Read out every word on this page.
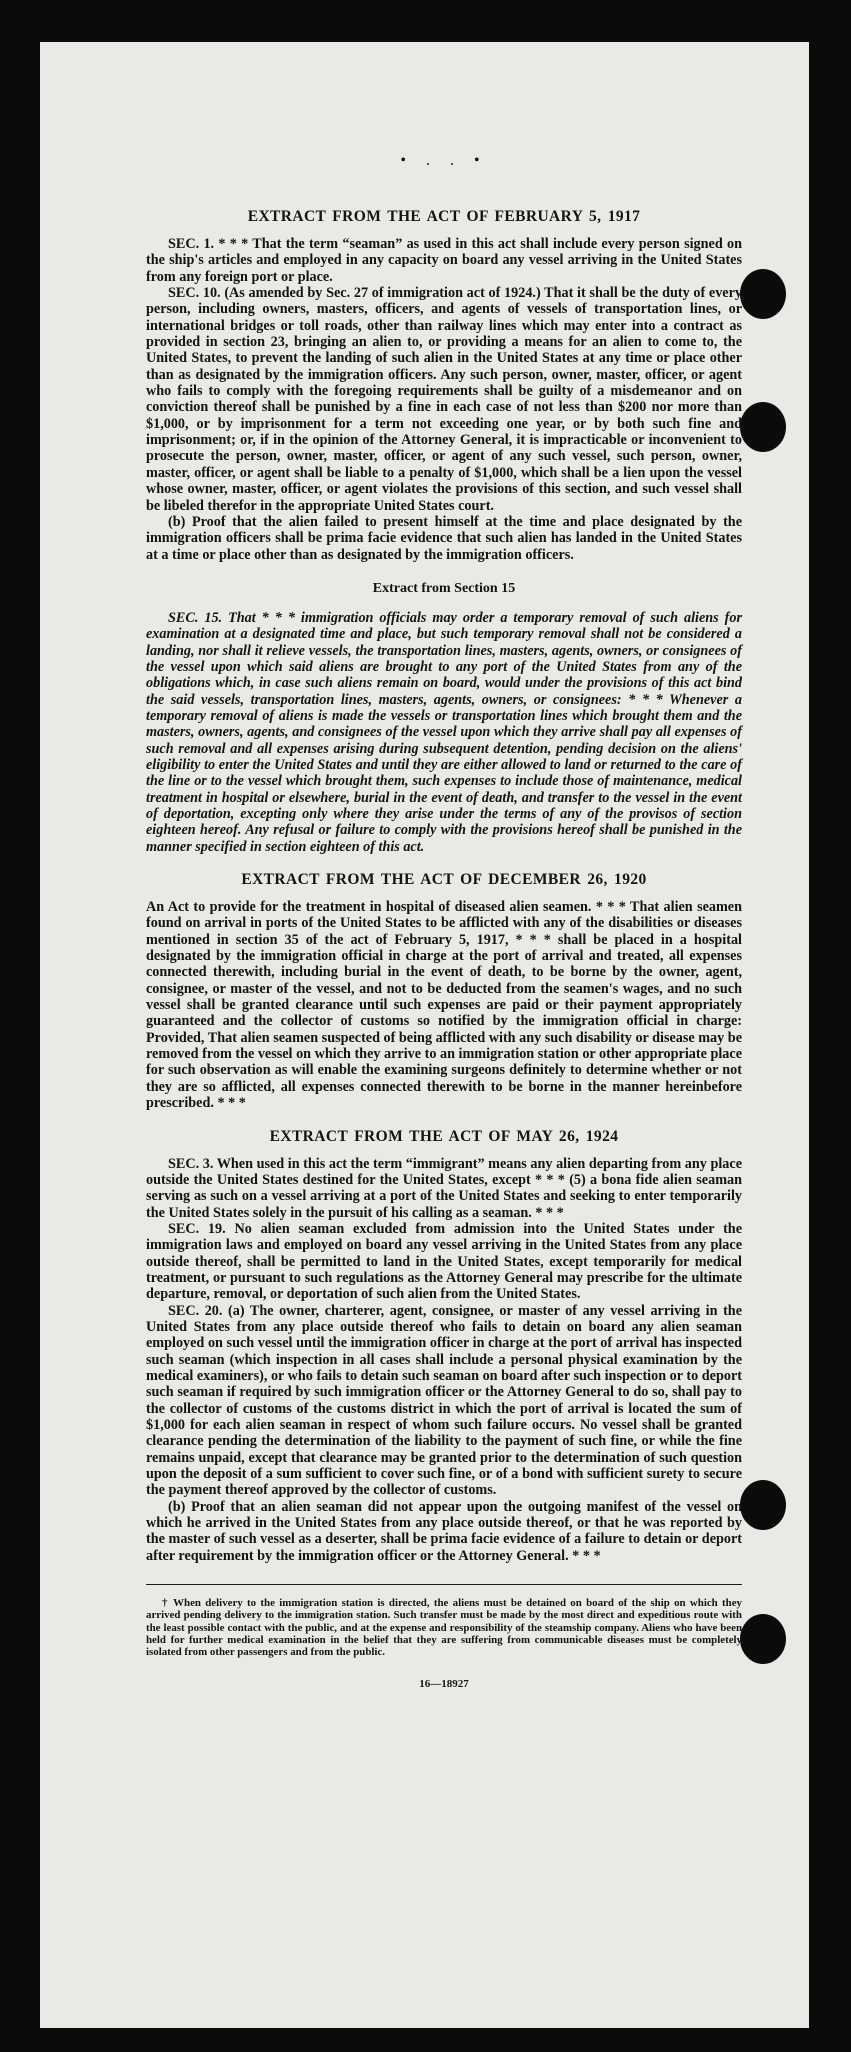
• . . •
EXTRACT FROM THE ACT OF FEBRUARY 5, 1917

SEC. 1. * * * That the term “seaman” as used in this act shall include every person signed on the ship's articles and employed in any capacity on board any vessel arriving in the United States from any foreign port or place.

SEC. 10. (As amended by Sec. 27 of immigration act of 1924.) That it shall be the duty of every person, including owners, masters, officers, and agents of vessels of transportation lines, or international bridges or toll roads, other than railway lines which may enter into a contract as provided in section 23, bringing an alien to, or providing a means for an alien to come to, the United States, to prevent the landing of such alien in the United States at any time or place other than as designated by the immigration officers. Any such person, owner, master, officer, or agent who fails to comply with the foregoing requirements shall be guilty of a misdemeanor and on conviction thereof shall be punished by a fine in each case of not less than $200 nor more than $1,000, or by imprisonment for a term not exceeding one year, or by both such fine and imprisonment; or, if in the opinion of the Attorney General, it is impracticable or inconvenient to prosecute the person, owner, master, officer, or agent of any such vessel, such person, owner, master, officer, or agent shall be liable to a penalty of $1,000, which shall be a lien upon the vessel whose owner, master, officer, or agent violates the provisions of this section, and such vessel shall be libeled therefor in the appropriate United States court.

(b) Proof that the alien failed to present himself at the time and place designated by the immigration officers shall be prima facie evidence that such alien has landed in the United States at a time or place other than as designated by the immigration officers.

Extract from Section 15

SEC. 15. That * * * immigration officials may order a temporary removal of such aliens for examination at a designated time and place, but such temporary removal shall not be considered a landing, nor shall it relieve vessels, the transportation lines, masters, agents, owners, or consignees of the vessel upon which said aliens are brought to any port of the United States from any of the obligations which, in case such aliens remain on board, would under the provisions of this act bind the said vessels, transportation lines, masters, agents, owners, or consignees: * * * Whenever a temporary removal of aliens is made the vessels or transportation lines which brought them and the masters, owners, agents, and consignees of the vessel upon which they arrive shall pay all expenses of such removal and all expenses arising during subsequent detention, pending decision on the aliens' eligibility to enter the United States and until they are either allowed to land or returned to the care of the line or to the vessel which brought them, such expenses to include those of maintenance, medical treatment in hospital or elsewhere, burial in the event of death, and transfer to the vessel in the event of deportation, excepting only where they arise under the terms of any of the provisos of section eighteen hereof. Any refusal or failure to comply with the provisions hereof shall be punished in the manner specified in section eighteen of this act.

EXTRACT FROM THE ACT OF DECEMBER 26, 1920

An Act to provide for the treatment in hospital of diseased alien seamen. * * * That alien seamen found on arrival in ports of the United States to be afflicted with any of the disabilities or diseases mentioned in section 35 of the act of February 5, 1917, * * * shall be placed in a hospital designated by the immigration official in charge at the port of arrival and treated, all expenses connected therewith, including burial in the event of death, to be borne by the owner, agent, consignee, or master of the vessel, and not to be deducted from the seamen's wages, and no such vessel shall be granted clearance until such expenses are paid or their payment appropriately guaranteed and the collector of customs so notified by the immigration official in charge: Provided, That alien seamen suspected of being afflicted with any such disability or disease may be removed from the vessel on which they arrive to an immigration station or other appropriate place for such observation as will enable the examining surgeons definitely to determine whether or not they are so afflicted, all expenses connected therewith to be borne in the manner hereinbefore prescribed. * * *

EXTRACT FROM THE ACT OF MAY 26, 1924

SEC. 3. When used in this act the term “immigrant” means any alien departing from any place outside the United States destined for the United States, except * * * (5) a bona fide alien seaman serving as such on a vessel arriving at a port of the United States and seeking to enter temporarily the United States solely in the pursuit of his calling as a seaman. * * *

SEC. 19. No alien seaman excluded from admission into the United States under the immigration laws and employed on board any vessel arriving in the United States from any place outside thereof, shall be permitted to land in the United States, except temporarily for medical treatment, or pursuant to such regulations as the Attorney General may prescribe for the ultimate departure, removal, or deportation of such alien from the United States.

SEC. 20. (a) The owner, charterer, agent, consignee, or master of any vessel arriving in the United States from any place outside thereof who fails to detain on board any alien seaman employed on such vessel until the immigration officer in charge at the port of arrival has inspected such seaman (which inspection in all cases shall include a personal physical examination by the medical examiners), or who fails to detain such seaman on board after such inspection or to deport such seaman if required by such immigration officer or the Attorney General to do so, shall pay to the collector of customs of the customs district in which the port of arrival is located the sum of $1,000 for each alien seaman in respect of whom such failure occurs. No vessel shall be granted clearance pending the determination of the liability to the payment of such fine, or while the fine remains unpaid, except that clearance may be granted prior to the determination of such question upon the deposit of a sum sufficient to cover such fine, or of a bond with sufficient surety to secure the payment thereof approved by the collector of customs.

(b) Proof that an alien seaman did not appear upon the outgoing manifest of the vessel on which he arrived in the United States from any place outside thereof, or that he was reported by the master of such vessel as a deserter, shall be prima facie evidence of a failure to detain or deport after requirement by the immigration officer or the Attorney General. * * *

† When delivery to the immigration station is directed, the aliens must be detained on board of the ship on which they arrived pending delivery to the immigration station. Such transfer must be made by the most direct and expeditious route with the least possible contact with the public, and at the expense and responsibility of the steamship company. Aliens who have been held for further medical examination in the belief that they are suffering from communicable diseases must be completely isolated from other passengers and from the public.

16—18927
